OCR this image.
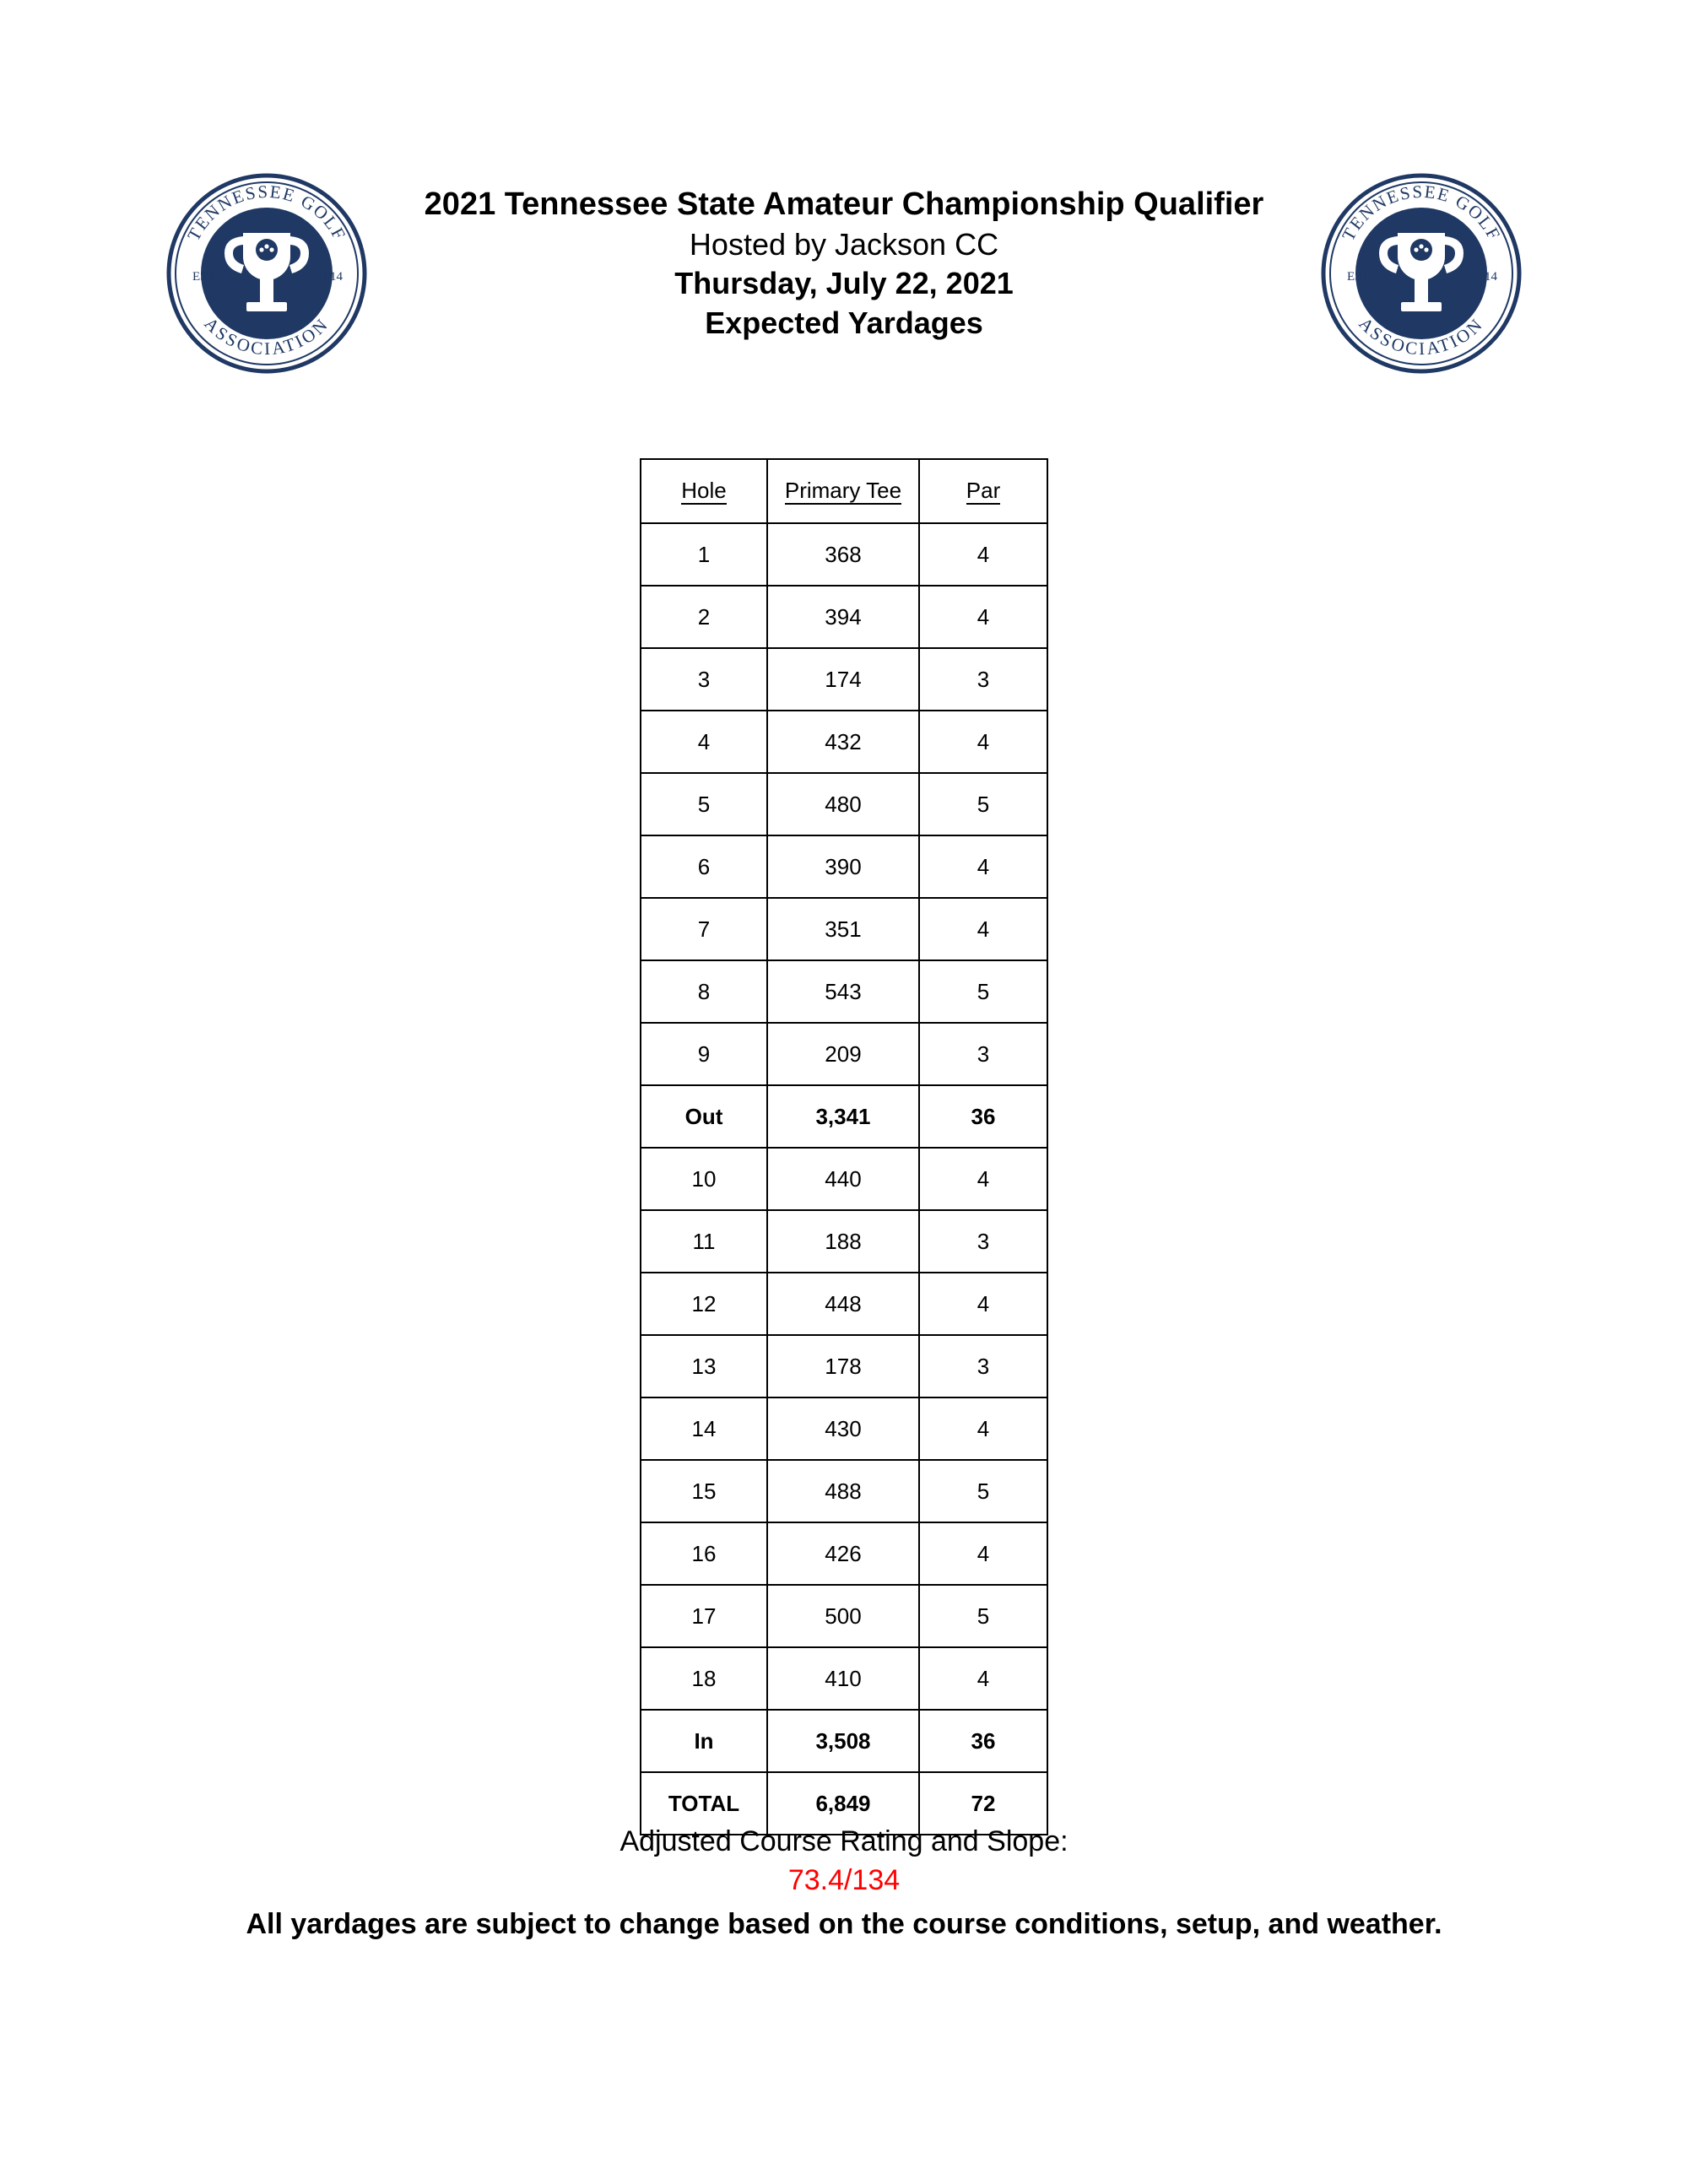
TENNESSEE GOLF
ASSOCIATION
EST.	1914
2021 Tennessee State Amateur Championship Qualifier
Hosted by Jackson CC
Thursday, July 22, 2021
Expected Yardages
TENNESSEE GOLF
ASSOCIATION
EST.	1914
Hole	Primary Tee	Par
1	368	4
2	394	4
3	174	3
4	432	4
5	480	5
6	390	4
7	351	4
8	543	5
9	209	3
Out	3,341	36
10	440	4
11	188	3
12	448	4
13	178	3
14	430	4
15	488	5
16	426	4
17	500	5
18	410	4
In	3,508	36
TOTAL	6,849	72
Adjusted Course Rating and Slope:
73.4/134
All yardages are subject to change based on the course conditions, setup, and weather.
